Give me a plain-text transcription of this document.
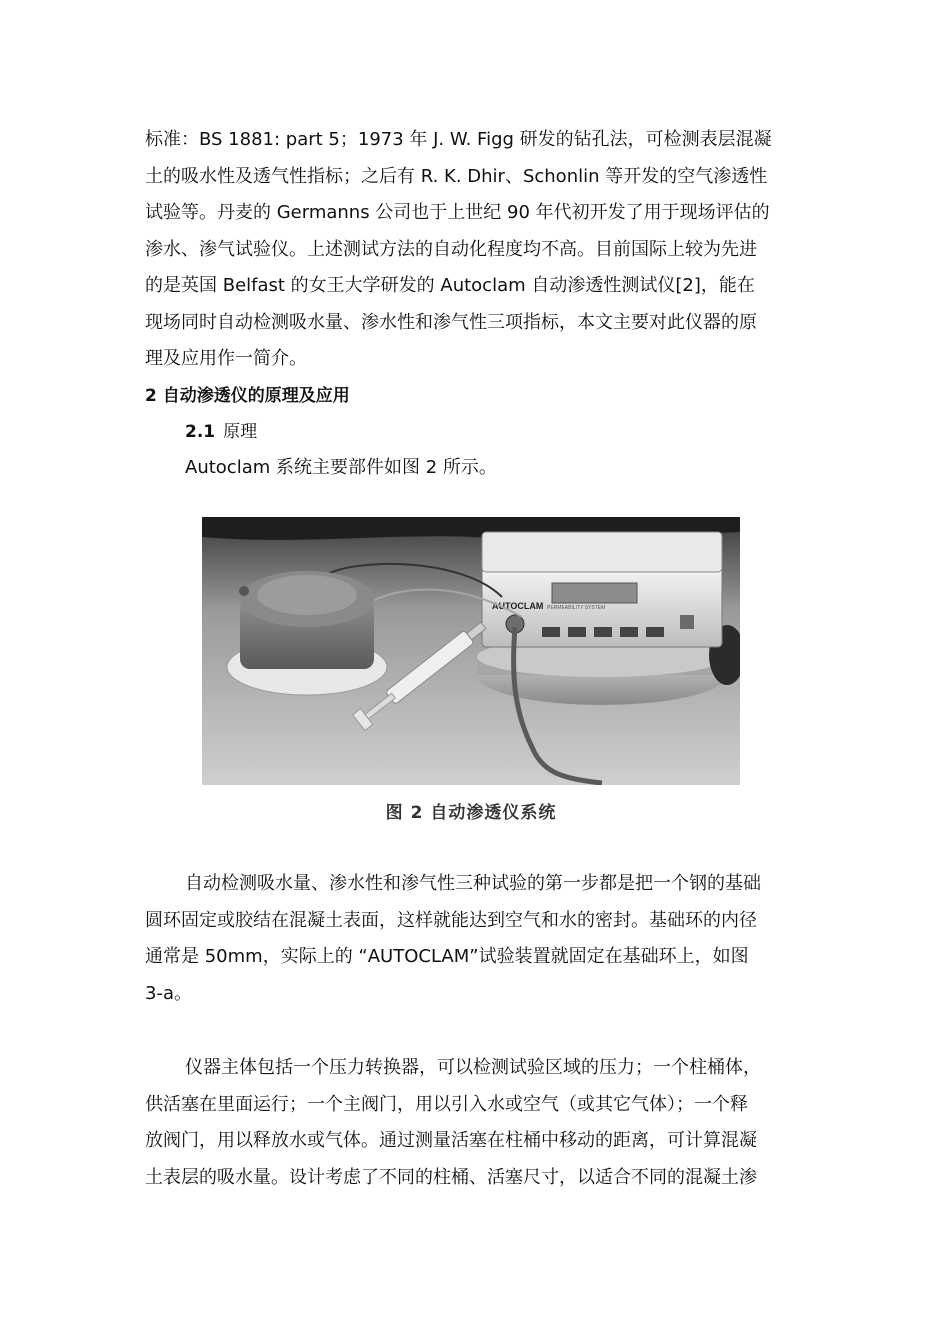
标准：BS 1881: part 5；1973 年 J. W. Figg 研发的钻孔法，可检测表层混凝

土的吸水性及透气性指标；之后有 R. K. Dhir、Schonlin 等开发的空气渗透性

试验等。丹麦的 Germanns 公司也于上世纪 90 年代初开发了用于现场评估的

渗水、渗气试验仪。上述测试方法的自动化程度均不高。目前国际上较为先进

的是英国 Belfast 的女王大学研发的 Autoclam 自动渗透性测试仪[2]，能在

现场同时自动检测吸水量、渗水性和渗气性三项指标，本文主要对此仪器的原

理及应用作一简介。

2 自动渗透仪的原理及应用

2.1 原理

Autoclam 系统主要部件如图 2 所示。

AUTOCLAM PERMEABILITY SYSTEM
图 2 自动渗透仪系统

自动检测吸水量、渗水性和渗气性三种试验的第一步都是把一个钢的基础

圆环固定或胶结在混凝土表面，这样就能达到空气和水的密封。基础环的内径

通常是 50mm，实际上的 “AUTOCLAM”试验装置就固定在基础环上，如图

3-a。

仪器主体包括一个压力转换器，可以检测试验区域的压力；一个柱桶体，

供活塞在里面运行；一个主阀门，用以引入水或空气（或其它气体）；一个释

放阀门，用以释放水或气体。通过测量活塞在柱桶中移动的距离，可计算混凝

土表层的吸水量。设计考虑了不同的柱桶、活塞尺寸，以适合不同的混凝土渗
